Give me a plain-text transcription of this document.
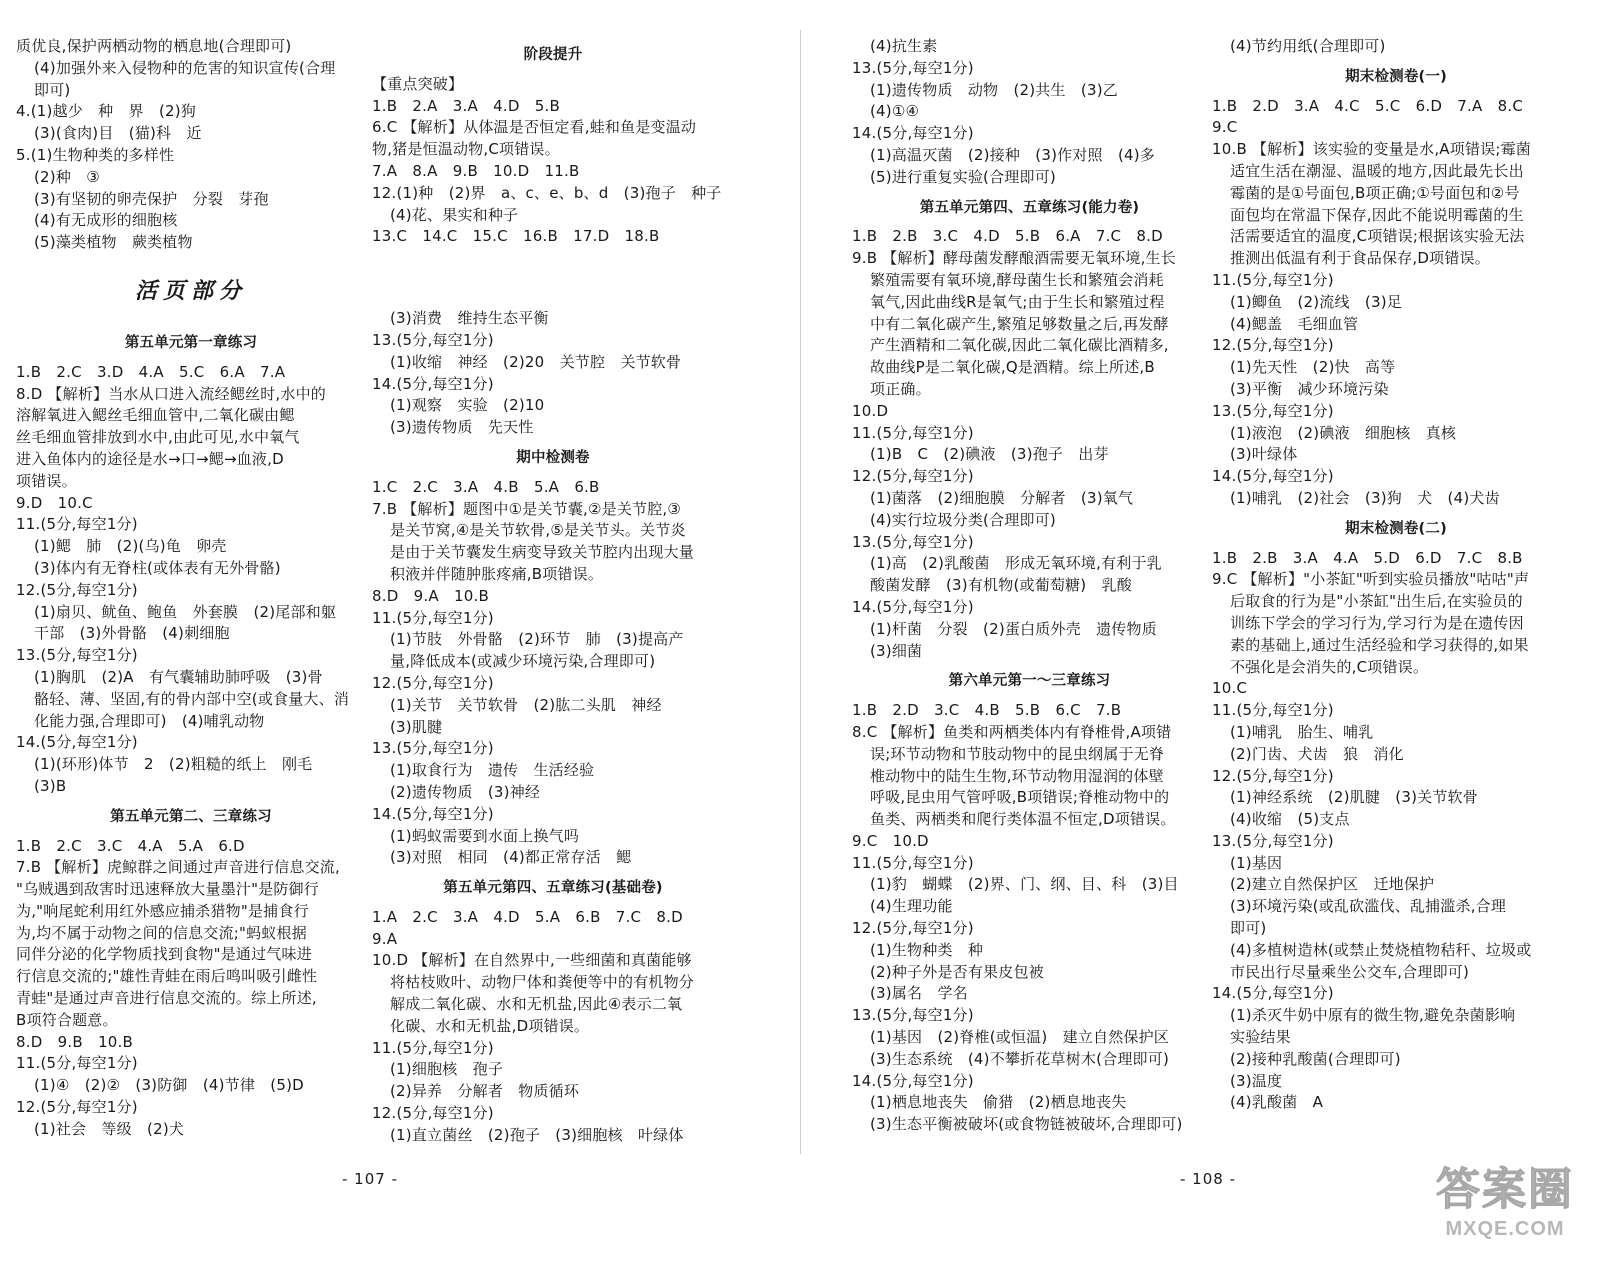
质优良,保护两栖动物的栖息地(合理即可)
(4)加强外来入侵物种的危害的知识宣传(合理
即可)
4.(1)越少　种　界　(2)狗
(3)(食肉)目　(猫)科　近
5.(1)生物种类的多样性
(2)种　③
(3)有坚韧的卵壳保护　分裂　芽孢
(4)有无成形的细胞核
(5)藻类植物　蕨类植物
活页部分
第五单元第一章练习
1.B　2.C　3.D　4.A　5.C　6.A　7.A
8.D 【解析】当水从口进入流经鳃丝时,水中的
溶解氧进入鳃丝毛细血管中,二氧化碳由鳃
丝毛细血管排放到水中,由此可见,水中氧气
进入鱼体内的途径是水→口→鳃→血液,D
项错误。
9.D　10.C
11.(5分,每空1分)
(1)鳃　肺　(2)(乌)龟　卵壳
(3)体内有无脊柱(或体表有无外骨骼)
12.(5分,每空1分)
(1)扇贝、鱿鱼、鲍鱼　外套膜　(2)尾部和躯
干部　(3)外骨骼　(4)刺细胞
13.(5分,每空1分)
(1)胸肌　(2)A　有气囊辅助肺呼吸　(3)骨
骼轻、薄、坚固,有的骨内部中空(或食量大、消
化能力强,合理即可)　(4)哺乳动物
14.(5分,每空1分)
(1)(环形)体节　2　(2)粗糙的纸上　刚毛
(3)B
第五单元第二、三章练习
1.B　2.C　3.C　4.A　5.A　6.D
7.B 【解析】虎鲸群之间通过声音进行信息交流,
"乌贼遇到敌害时迅速释放大量墨汁"是防御行
为,"响尾蛇利用红外感应捕杀猎物"是捕食行
为,均不属于动物之间的信息交流;"蚂蚁根据
同伴分泌的化学物质找到食物"是通过气味进
行信息交流的;"雄性青蛙在雨后鸣叫吸引雌性
青蛙"是通过声音进行信息交流的。综上所述,
B项符合题意。
8.D　9.B　10.B
11.(5分,每空1分)
(1)④　(2)②　(3)防御　(4)节律　(5)D
12.(5分,每空1分)
(1)社会　等级　(2)犬
阶段提升
【重点突破】
1.B　2.A　3.A　4.D　5.B
6.C 【解析】从体温是否恒定看,蛙和鱼是变温动
物,猪是恒温动物,C项错误。
7.A　8.A　9.B　10.D　11.B
12.(1)种　(2)界　a、c、e、b、d　(3)孢子　种子
(4)花、果实和种子
13.C　14.C　15.C　16.B　17.D　18.B
(3)消费　维持生态平衡
13.(5分,每空1分)
(1)收缩　神经　(2)20　关节腔　关节软骨
14.(5分,每空1分)
(1)观察　实验　(2)10
(3)遗传物质　先天性
期中检测卷
1.C　2.C　3.A　4.B　5.A　6.B
7.B 【解析】题图中①是关节囊,②是关节腔,③
是关节窝,④是关节软骨,⑤是关节头。关节炎
是由于关节囊发生病变导致关节腔内出现大量
积液并伴随肿胀疼痛,B项错误。
8.D　9.A　10.B
11.(5分,每空1分)
(1)节肢　外骨骼　(2)环节　肺　(3)提高产
量,降低成本(或减少环境污染,合理即可)
12.(5分,每空1分)
(1)关节　关节软骨　(2)肱二头肌　神经
(3)肌腱
13.(5分,每空1分)
(1)取食行为　遗传　生活经验
(2)遗传物质　(3)神经
14.(5分,每空1分)
(1)蚂蚁需要到水面上换气吗
(3)对照　相同　(4)都正常存活　鳃
第五单元第四、五章练习(基础卷)
1.A　2.C　3.A　4.D　5.A　6.B　7.C　8.D
9.A
10.D 【解析】在自然界中,一些细菌和真菌能够
将枯枝败叶、动物尸体和粪便等中的有机物分
解成二氧化碳、水和无机盐,因此④表示二氧
化碳、水和无机盐,D项错误。
11.(5分,每空1分)
(1)细胞核　孢子
(2)异养　分解者　物质循环
12.(5分,每空1分)
(1)直立菌丝　(2)孢子　(3)细胞核　叶绿体
(4)抗生素
13.(5分,每空1分)
(1)遗传物质　动物　(2)共生　(3)乙
(4)①④
14.(5分,每空1分)
(1)高温灭菌　(2)接种　(3)作对照　(4)多
(5)进行重复实验(合理即可)
第五单元第四、五章练习(能力卷)
1.B　2.B　3.C　4.D　5.B　6.A　7.C　8.D
9.B 【解析】酵母菌发酵酿酒需要无氧环境,生长
繁殖需要有氧环境,酵母菌生长和繁殖会消耗
氧气,因此曲线R是氧气;由于生长和繁殖过程
中有二氧化碳产生,繁殖足够数量之后,再发酵
产生酒精和二氧化碳,因此二氧化碳比酒精多,
故曲线P是二氧化碳,Q是酒精。综上所述,B
项正确。
10.D
11.(5分,每空1分)
(1)B　C　(2)碘液　(3)孢子　出芽
12.(5分,每空1分)
(1)菌落　(2)细胞膜　分解者　(3)氧气
(4)实行垃圾分类(合理即可)
13.(5分,每空1分)
(1)高　(2)乳酸菌　形成无氧环境,有利于乳
酸菌发酵　(3)有机物(或葡萄糖)　乳酸
14.(5分,每空1分)
(1)杆菌　分裂　(2)蛋白质外壳　遗传物质
(3)细菌
第六单元第一～三章练习
1.B　2.D　3.C　4.B　5.B　6.C　7.B
8.C 【解析】鱼类和两栖类体内有脊椎骨,A项错
误;环节动物和节肢动物中的昆虫纲属于无脊
椎动物中的陆生生物,环节动物用湿润的体壁
呼吸,昆虫用气管呼吸,B项错误;脊椎动物中的
鱼类、两栖类和爬行类体温不恒定,D项错误。
9.C　10.D
11.(5分,每空1分)
(1)豹　蝴蝶　(2)界、门、纲、目、科　(3)目
(4)生理功能
12.(5分,每空1分)
(1)生物种类　种
(2)种子外是否有果皮包被
(3)属名　学名
13.(5分,每空1分)
(1)基因　(2)脊椎(或恒温)　建立自然保护区
(3)生态系统　(4)不攀折花草树木(合理即可)
14.(5分,每空1分)
(1)栖息地丧失　偷猎　(2)栖息地丧失
(3)生态平衡被破坏(或食物链被破坏,合理即可)
(4)节约用纸(合理即可)
期末检测卷(一)
1.B　2.D　3.A　4.C　5.C　6.D　7.A　8.C
9.C
10.B 【解析】该实验的变量是水,A项错误;霉菌
适宜生活在潮湿、温暖的地方,因此最先长出
霉菌的是①号面包,B项正确;①号面包和②号
面包均在常温下保存,因此不能说明霉菌的生
活需要适宜的温度,C项错误;根据该实验无法
推测出低温有利于食品保存,D项错误。
11.(5分,每空1分)
(1)鲫鱼　(2)流线　(3)足
(4)鳃盖　毛细血管
12.(5分,每空1分)
(1)先天性　(2)快　高等
(3)平衡　减少环境污染
13.(5分,每空1分)
(1)液泡　(2)碘液　细胞核　真核
(3)叶绿体
14.(5分,每空1分)
(1)哺乳　(2)社会　(3)狗　犬　(4)犬齿
期末检测卷(二)
1.B　2.B　3.A　4.A　5.D　6.D　7.C　8.B
9.C 【解析】"小茶缸"听到实验员播放"咕咕"声
后取食的行为是"小茶缸"出生后,在实验员的
训练下学会的学习行为,学习行为是在遗传因
素的基础上,通过生活经验和学习获得的,如果
不强化是会消失的,C项错误。
10.C
11.(5分,每空1分)
(1)哺乳　胎生、哺乳
(2)门齿、犬齿　狼　消化
12.(5分,每空1分)
(1)神经系统　(2)肌腱　(3)关节软骨
(4)收缩　(5)支点
13.(5分,每空1分)
(1)基因
(2)建立自然保护区　迁地保护
(3)环境污染(或乱砍滥伐、乱捕滥杀,合理
即可)
(4)多植树造林(或禁止焚烧植物秸秆、垃圾或
市民出行尽量乘坐公交车,合理即可)
14.(5分,每空1分)
(1)杀灭牛奶中原有的微生物,避免杂菌影响
实验结果
(2)接种乳酸菌(合理即可)
(3)温度
(4)乳酸菌　A
- 107 -	- 108 -	答案圈
MXQE.COM
